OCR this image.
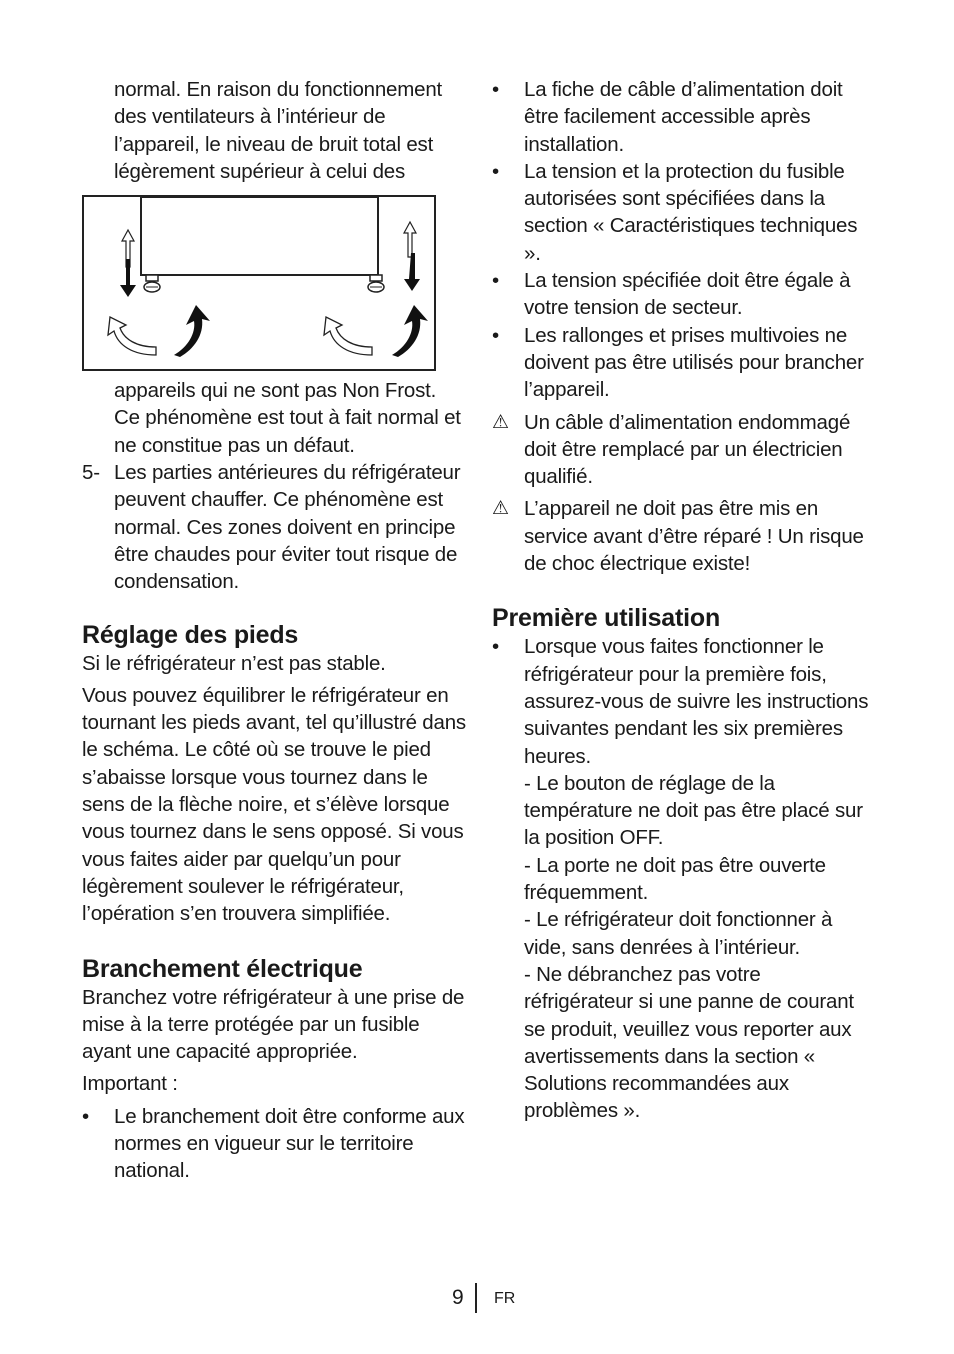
normal. En raison du fonctionnement des ventilateurs à l’intérieur de l’appareil, le niveau de bruit total est légèrement supérieur à celui des

appareils qui ne sont pas Non Frost. Ce phénomène est tout à fait normal et ne constitue pas un défaut.

5- Les parties antérieures du réfrigérateur peuvent chauffer. Ce phénomène est normal. Ces zones doivent en principe être chaudes pour éviter tout risque de condensation.
Réglage des pieds

Si le réfrigérateur n’est pas stable.

Vous pouvez équilibrer le réfrigérateur en tournant les pieds avant, tel qu’illustré dans le schéma. Le côté où se trouve le pied s’abaisse lorsque vous tournez dans le sens de la flèche noire, et s’élève lorsque vous tournez dans le sens opposé. Si vous vous faites aider par quelqu’un pour légèrement soulever le réfrigérateur, l’opération s’en trouvera simplifiée.

Branchement électrique

Branchez votre réfrigérateur à une prise de mise à la terre protégée par un fusible ayant une capacité appropriée.

Important :

• Le branchement doit être conforme aux normes en vigueur sur le territoire national.
• La fiche de câble d’alimentation doit être facilement accessible après installation.
• La tension et la protection du fusible autorisées sont spécifiées dans la section « Caractéristiques techniques ».
• La tension spécifiée doit être égale à votre tension de secteur.
• Les rallonges et prises multivoies ne doivent pas être utilisés pour brancher l’appareil.
⚠ Un câble d’alimentation endommagé doit être remplacé par un électricien qualifié.
⚠ L’appareil ne doit pas être mis en service avant d’être réparé ! Un risque de choc électrique existe!
Première utilisation
• Lorsque vous faites fonctionner le réfrigérateur pour la première fois, assurez-vous de suivre les instructions suivantes pendant les six premières heures.

- Le bouton de réglage de la température ne doit pas être placé sur la position OFF.

- La porte ne doit pas être ouverte fréquemment.

- Le réfrigérateur doit fonctionner à vide, sans denrées à l’intérieur.

- Ne débranchez pas votre réfrigérateur si une panne de courant se produit, veuillez vous reporter aux avertissements dans la section « Solutions recommandées aux problèmes ».

9 FR
